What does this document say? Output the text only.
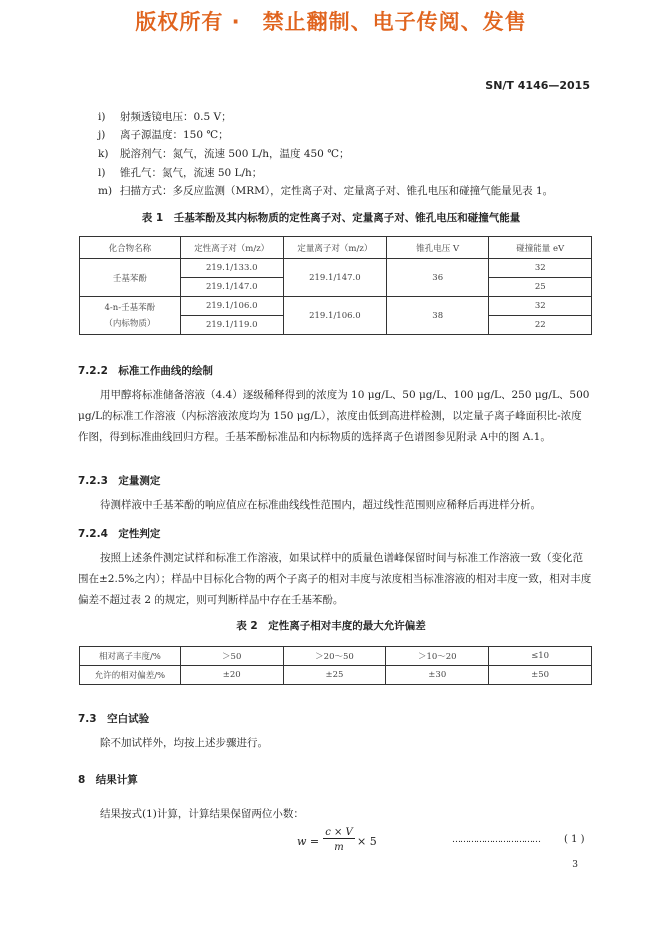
版权所有 ·　禁止翻制、电子传阅、发售
SN/T 4146—2015
i) 射频透镜电压：0.5 V；
j) 离子源温度：150 ℃；
k) 脱溶剂气：氮气，流速 500 L/h，温度 450 ℃；
l) 锥孔气：氮气，流速 50 L/h；
m) 扫描方式：多反应监测（MRM），定性离子对、定量离子对、锥孔电压和碰撞气能量见表 1。
表 1　壬基苯酚及其内标物质的定性离子对、定量离子对、锥孔电压和碰撞气能量
化合物名称	定性离子对（m/z）	定量离子对（m/z）	锥孔电压 V	碰撞能量 eV
壬基苯酚	219.1/133.0	219.1/147.0	36	32
	219.1/147.0			25
4-n-壬基苯酚
（内标物质）	219.1/106.0	219.1/106.0	38	32
	219.1/119.0			22
7.2.2　标准工作曲线的绘制
用甲醇将标准储备溶液（4.4）逐级稀释得到的浓度为 10 μg/L、50 μg/L、100 μg/L、250 μg/L、500 μg/L的标准工作溶液（内标溶液浓度均为 150 μg/L），浓度由低到高进样检测，以定量子离子峰面积比-浓度作图，得到标准曲线回归方程。壬基苯酚标准品和内标物质的选择离子色谱图参见附录 A中的图 A.1。
7.2.3　定量测定
待测样液中壬基苯酚的响应值应在标准曲线线性范围内，超过线性范围则应稀释后再进样分析。
7.2.4　定性判定
按照上述条件测定试样和标准工作溶液，如果试样中的质量色谱峰保留时间与标准工作溶液一致（变化范围在±2.5%之内）；样品中目标化合物的两个子离子的相对丰度与浓度相当标准溶液的相对丰度一致，相对丰度偏差不超过表 2 的规定，则可判断样品中存在壬基苯酚。
表 2　定性离子相对丰度的最大允许偏差
相对离子丰度/%	＞50	＞20～50	＞10～20	≤10
允许的相对偏差/%	±20	±25	±30	±50
7.3　空白试验
除不加试样外，均按上述步骤进行。
8　结果计算
结果按式(1)计算，计算结果保留两位小数：
w =
c × V
m	× 5	……………………………	( 1 )
3
